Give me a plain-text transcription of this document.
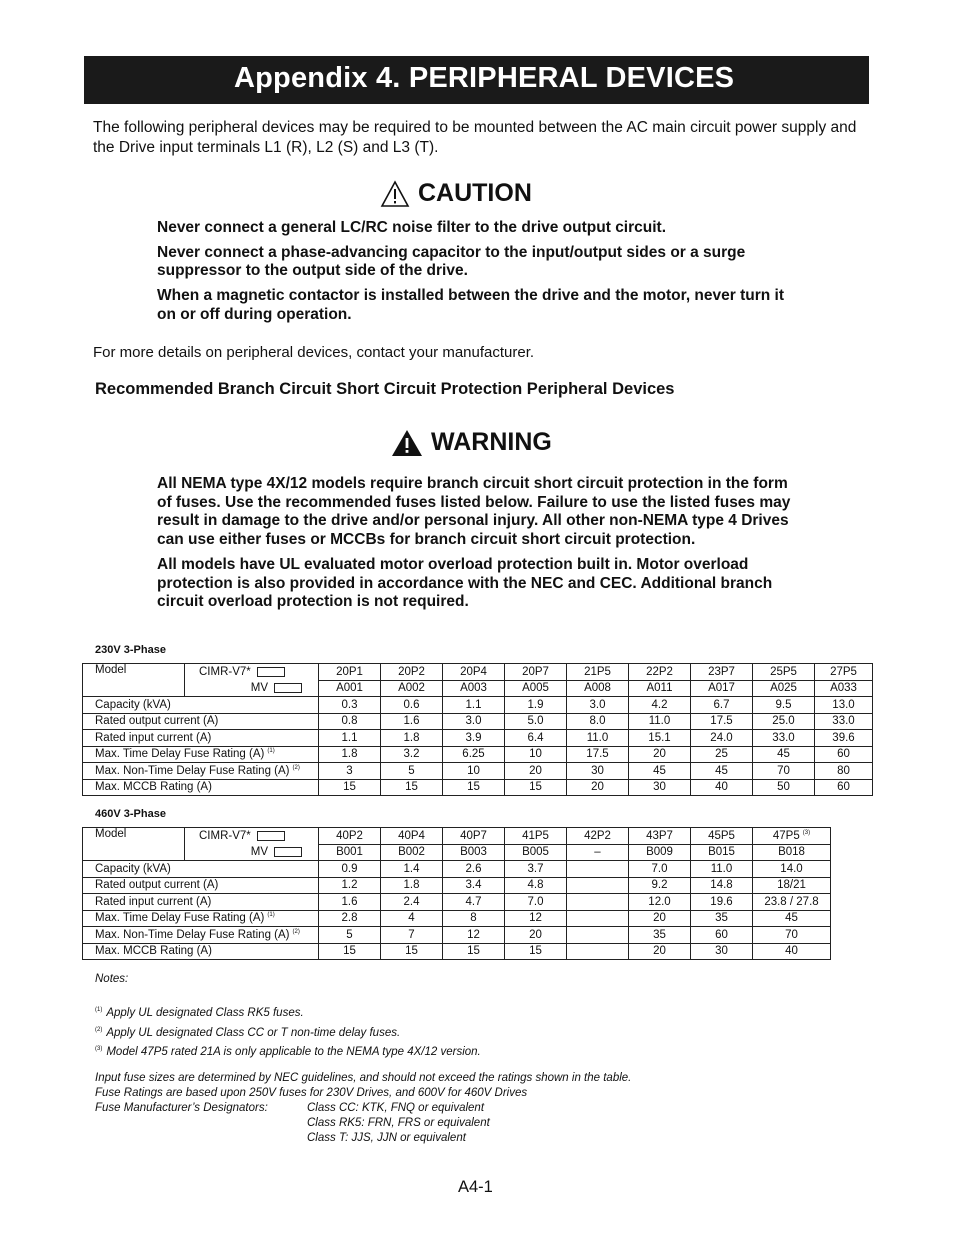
Appendix 4. PERIPHERAL DEVICES
The following peripheral devices may be required to be mounted between the AC main circuit power supply and the Drive input terminals L1 (R), L2 (S) and L3 (T).
CAUTION

Never connect a general LC/RC noise filter to the drive output circuit.

Never connect a phase-advancing capacitor to the input/output sides or a surge suppressor to the output side of the drive.

When a magnetic contactor is installed between the drive and the motor, never turn it on or off during operation.

For more details on peripheral devices, contact your manufacturer.
Recommended Branch Circuit Short Circuit Protection Peripheral Devices
WARNING

All NEMA type 4X/12 models require branch circuit short circuit protection in the form of fuses. Use the recommended fuses listed below. Failure to use the listed fuses may result in damage to the drive and/or personal injury. All other non-NEMA type 4 Drives can use either fuses or MCCBs for branch circuit short circuit protection.

All models have UL evaluated motor overload protection built in. Motor overload protection is also provided in accordance with the NEC and CEC. Additional branch circuit overload protection is not required.

230V 3-Phase
Model	CIMR-V7*	20P1	20P2	20P4	20P7	21P5	22P2	23P7	25P5	27P5
	MV	A001	A002	A003	A005	A008	A011	A017	A025	A033
Capacity (kVA)		0.3	0.6	1.1	1.9	3.0	4.2	6.7	9.5	13.0
Rated output current (A)		0.8	1.6	3.0	5.0	8.0	11.0	17.5	25.0	33.0
Rated input current (A)		1.1	1.8	3.9	6.4	11.0	15.1	24.0	33.0	39.6
Max. Time Delay Fuse Rating (A) $^{(1)}$		1.8	3.2	6.25	10	17.5	20	25	45	60
Max. Non-Time Delay Fuse Rating (A) $^{(2)}$		3	5	10	20	30	45	45	70	80
Max. MCCB Rating (A)		15	15	15	15	20	30	40	50	60
460V 3-Phase
Model	CIMR-V7*	40P2	40P4	40P7	41P5	42P2	43P7	45P5	47P5 $^{(3)}$
	MV	B001	B002	B003	B005	–	B009	B015	B018
Capacity (kVA)		0.9	1.4	2.6	3.7		7.0	11.0	14.0
Rated output current (A)		1.2	1.8	3.4	4.8		9.2	14.8	18/21
Rated input current (A)		1.6	2.4	4.7	7.0		12.0	19.6	23.8 / 27.8
Max. Time Delay Fuse Rating (A) $^{(1)}$		2.8	4	8	12		20	35	45
Max. Non-Time Delay Fuse Rating (A) $^{(2)}$		5	7	12	20		35	60	70
Max. MCCB Rating (A)		15	15	15	15		20	30	40
Notes:
$^{(1)}$ Apply UL designated Class RK5 fuses.
$^{(2)}$ Apply UL designated Class CC or T non-time delay fuses.
$^{(3)}$ Model 47P5 rated 21A is only applicable to the NEMA type 4X/12 version.
Input fuse sizes are determined by NEC guidelines, and should not exceed the ratings shown in the table.
Fuse Ratings are based upon 250V fuses for 230V Drives, and 600V for 460V Drives
Fuse Manufacturer’s Designators:	Class CC: KTK, FNQ or equivalent
Class RK5: FRN, FRS or equivalent
Class T: JJS, JJN or equivalent
A4-1
